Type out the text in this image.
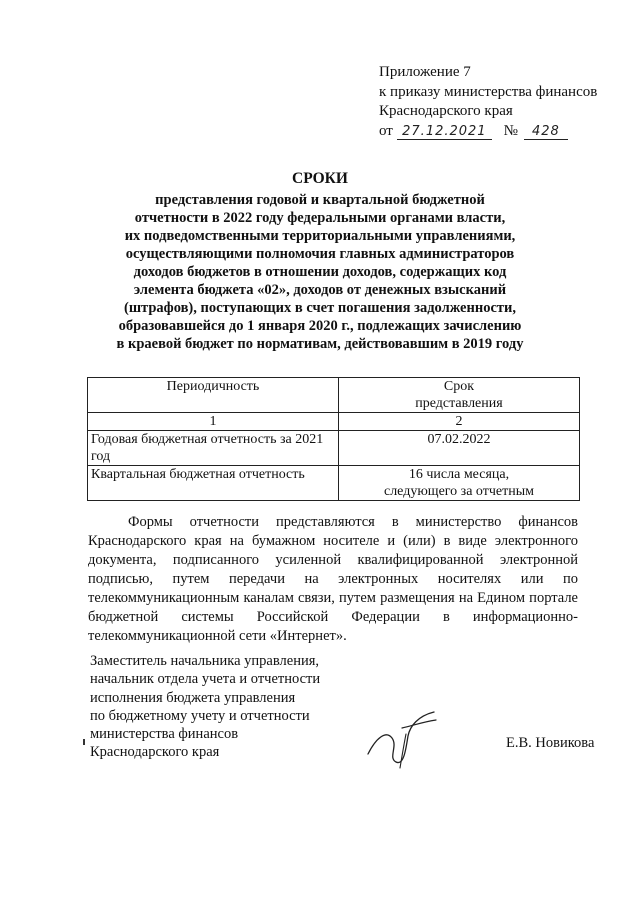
Приложение 7
к приказу министерства финансов
Краснодарского края
от 27.12.2021 № 428
СРОКИ
представления годовой и квартальной бюджетной
отчетности в 2022 году федеральными органами власти,
их подведомственными территориальными управлениями,
осуществляющими полномочия главных администраторов
доходов бюджетов в отношении доходов, содержащих код
элемента бюджета «02», доходов от денежных взысканий
(штрафов), поступающих в счет погашения задолженности,
образовавшейся до 1 января 2020 г., подлежащих зачислению
в краевой бюджет по нормативам, действовавшим в 2019 году
Периодичность	Срок
представления

1	2
Годовая бюджетная отчетность за 2021 год	07.02.2022

Квартальная бюджетная отчетность	16 числа месяца,
следующего за отчетным
Формы отчетности представляются в министерство финансов Краснодарского края на бумажном носителе и (или) в виде электронного документа, подписанного усиленной квалифицированной электронной подписью, путем передачи на электронных носителях или по телекоммуникационным каналам связи, путем размещения на Едином портале бюджетной системы Российской Федерации в информационно-телекоммуникационной сети «Интернет».
Заместитель начальника управления,
начальник отдела учета и отчетности
исполнения бюджета управления
по бюджетному учету и отчетности
министерства финансов
Краснодарского края
Е.В. Новикова
